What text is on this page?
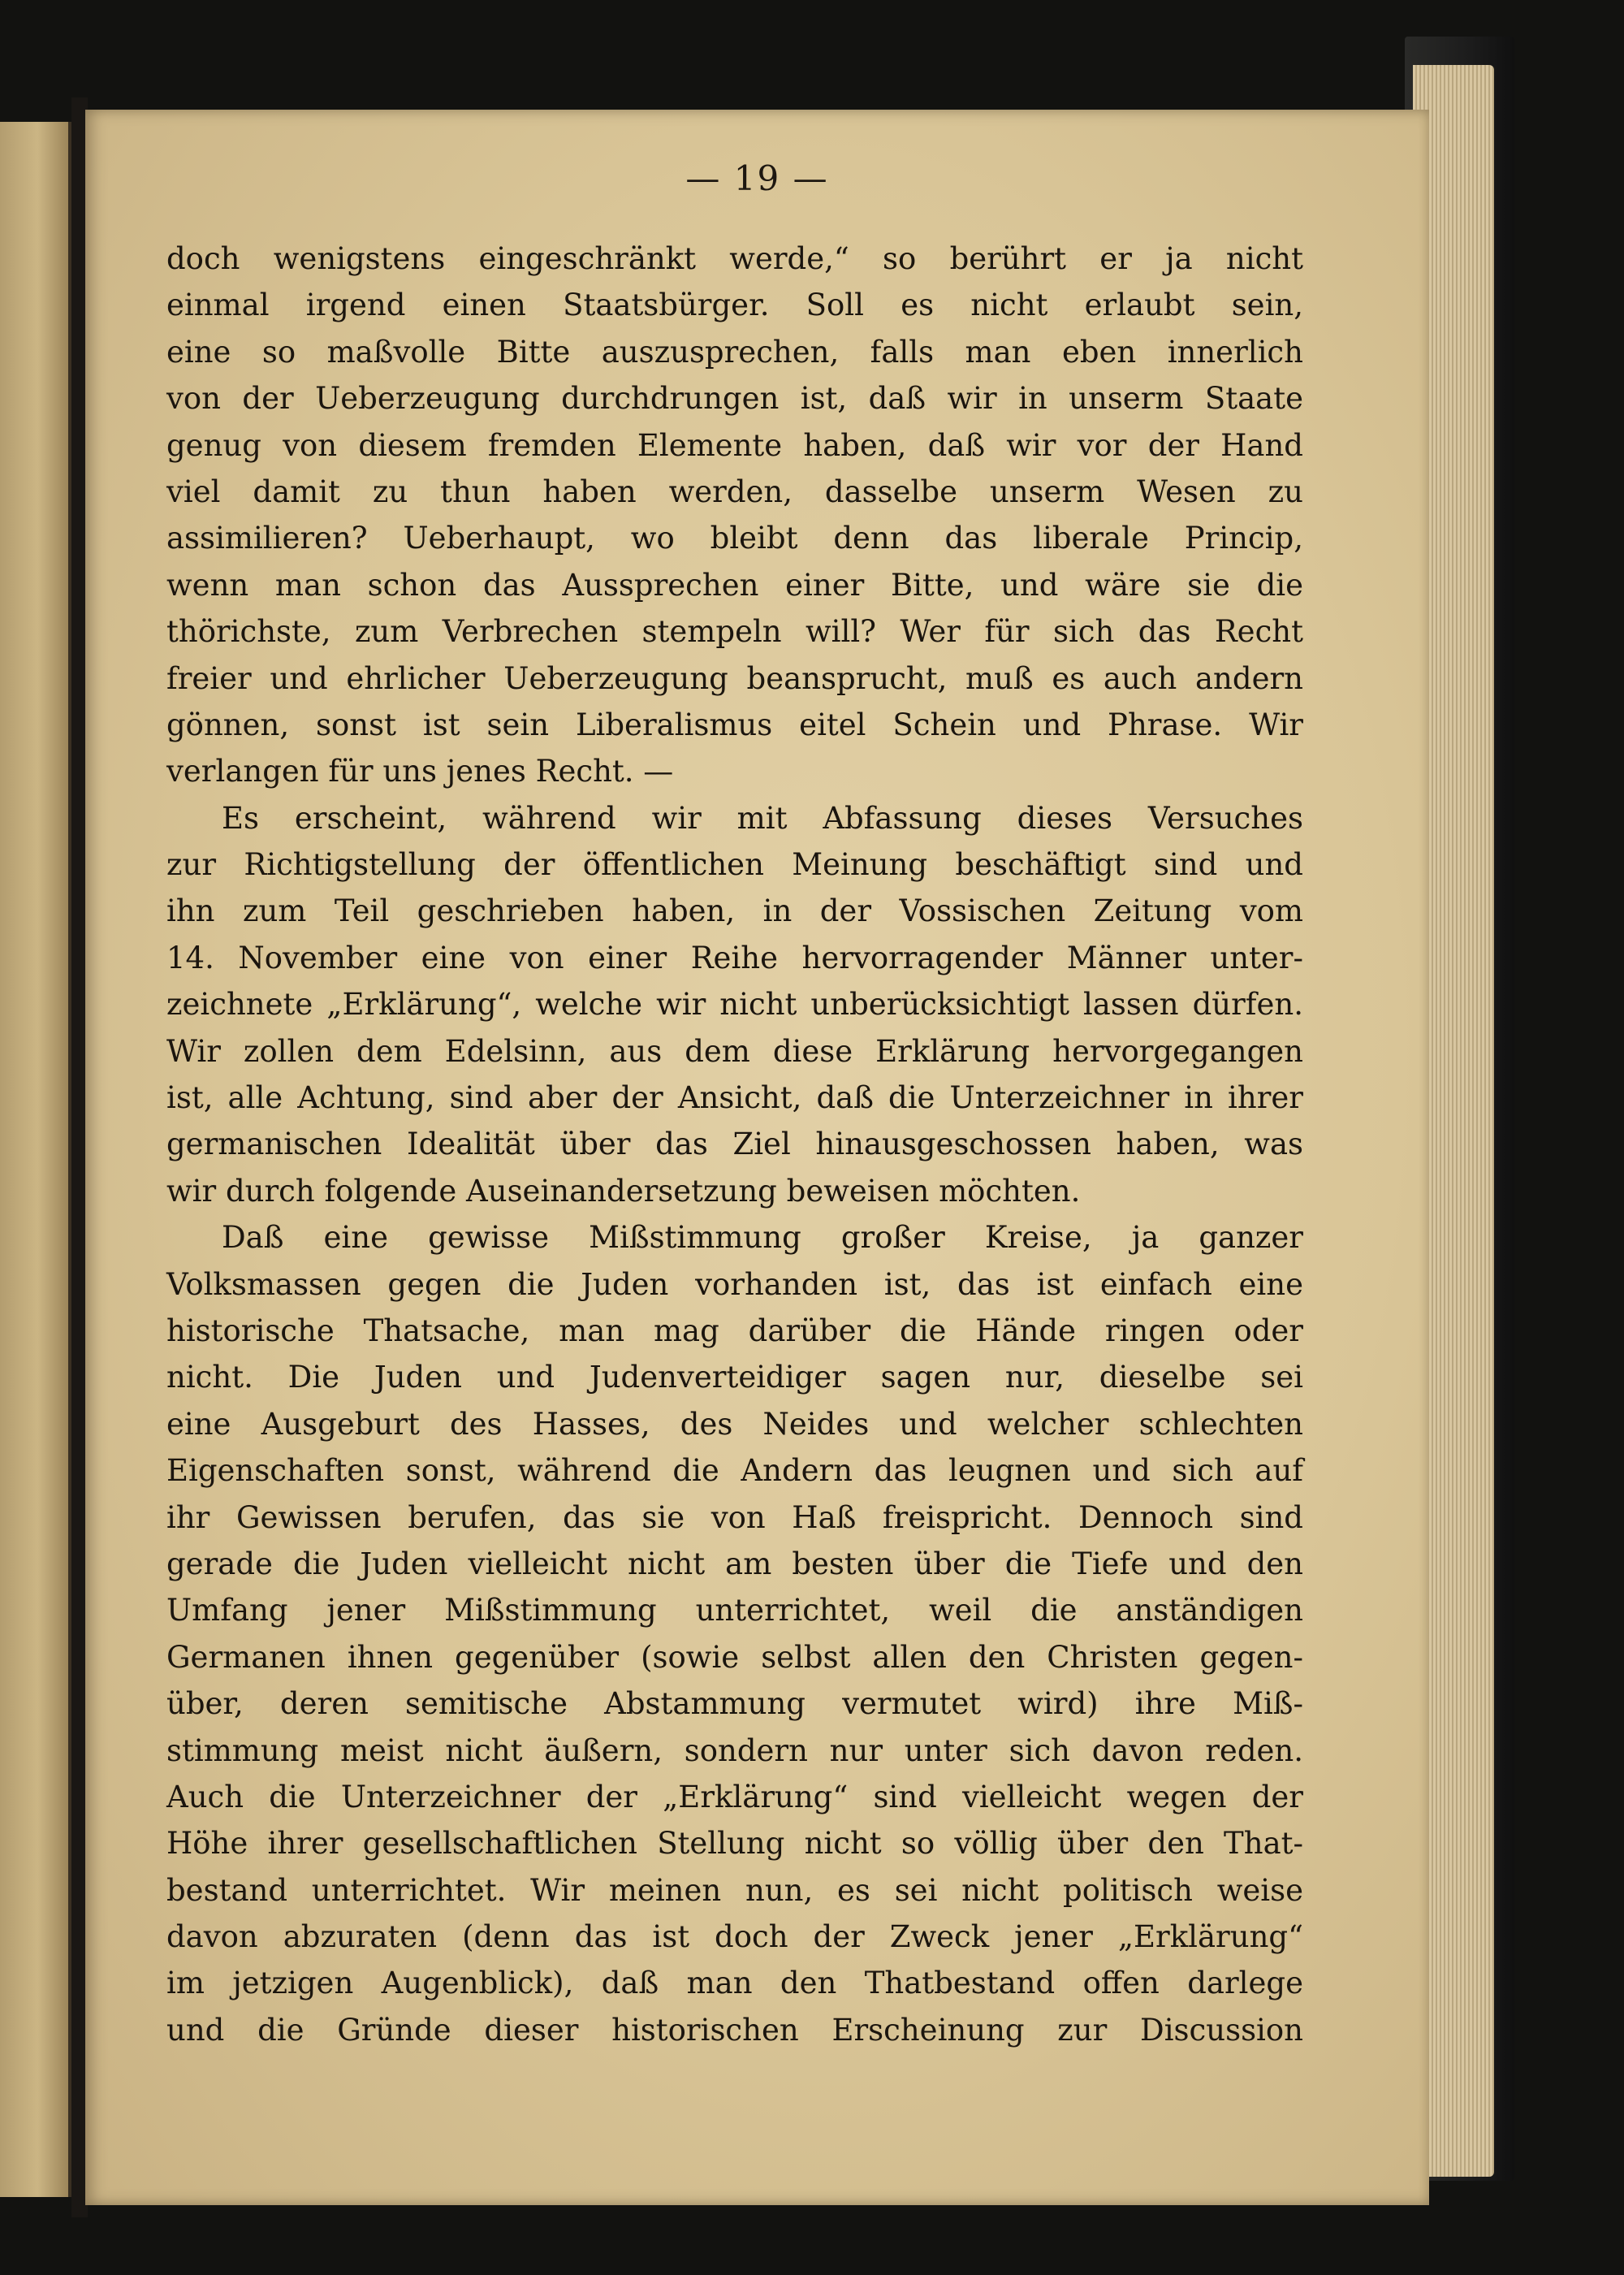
— 19 —

doch wenigstens eingeschränkt werde,“ so berührt er ja nicht
einmal irgend einen Staatsbürger. Soll es nicht erlaubt sein,
eine so maßvolle Bitte auszusprechen, falls man eben innerlich
von der Ueberzeugung durchdrungen ist, daß wir in unserm Staate
genug von diesem fremden Elemente haben, daß wir vor der Hand
viel damit zu thun haben werden, dasselbe unserm Wesen zu
assimilieren? Ueberhaupt, wo bleibt denn das liberale Princip,
wenn man schon das Aussprechen einer Bitte, und wäre sie die
thörichste, zum Verbrechen stempeln will? Wer für sich das Recht
freier und ehrlicher Ueberzeugung beansprucht, muß es auch andern
gönnen, sonst ist sein Liberalismus eitel Schein und Phrase. Wir
verlangen für uns jenes Recht. —
Es erscheint, während wir mit Abfassung dieses Versuches
zur Richtigstellung der öffentlichen Meinung beschäftigt sind und
ihn zum Teil geschrieben haben, in der Vossischen Zeitung vom
14. November eine von einer Reihe hervorragender Männer unter-
zeichnete „Erklärung“, welche wir nicht unberücksichtigt lassen dürfen.
Wir zollen dem Edelsinn, aus dem diese Erklärung hervorgegangen
ist, alle Achtung, sind aber der Ansicht, daß die Unterzeichner in ihrer
germanischen Idealität über das Ziel hinausgeschossen haben, was
wir durch folgende Auseinandersetzung beweisen möchten.
Daß eine gewisse Mißstimmung großer Kreise, ja ganzer
Volksmassen gegen die Juden vorhanden ist, das ist einfach eine
historische Thatsache, man mag darüber die Hände ringen oder
nicht. Die Juden und Judenverteidiger sagen nur, dieselbe sei
eine Ausgeburt des Hasses, des Neides und welcher schlechten
Eigenschaften sonst, während die Andern das leugnen und sich auf
ihr Gewissen berufen, das sie von Haß freispricht. Dennoch sind
gerade die Juden vielleicht nicht am besten über die Tiefe und den
Umfang jener Mißstimmung unterrichtet, weil die anständigen
Germanen ihnen gegenüber (sowie selbst allen den Christen gegen-
über, deren semitische Abstammung vermutet wird) ihre Miß-
stimmung meist nicht äußern, sondern nur unter sich davon reden.
Auch die Unterzeichner der „Erklärung“ sind vielleicht wegen der
Höhe ihrer gesellschaftlichen Stellung nicht so völlig über den That-
bestand unterrichtet. Wir meinen nun, es sei nicht politisch weise
davon abzuraten (denn das ist doch der Zweck jener „Erklärung“
im jetzigen Augenblick), daß man den Thatbestand offen darlege
und die Gründe dieser historischen Erscheinung zur Discussion
